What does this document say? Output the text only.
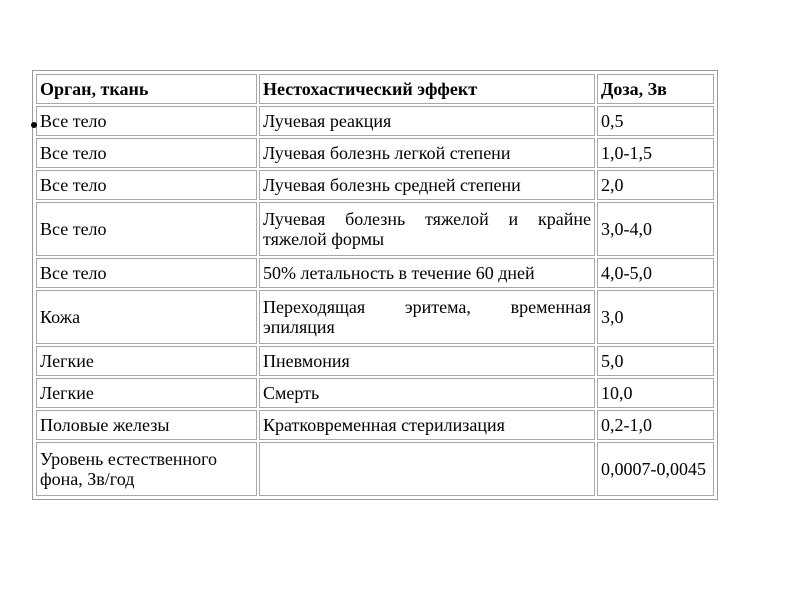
Орган, ткань	Нестохастический эффект	Доза, Зв
Все тело	Лучевая реакция	0,5
Все тело	Лучевая болезнь легкой степени	1,0-1,5
Все тело	Лучевая болезнь средней степени	2,0
Все тело	Лучевая болезнь тяжелой и крайне тяжелой формы	3,0-4,0
Все тело	50% летальность в течение 60 дней	4,0-5,0
Кожа	Переходящая эритема, временная эпиляция	3,0
Легкие	Пневмония	5,0
Легкие	Смерть	10,0
Половые железы	Кратковременная стерилизация	0,2-1,0
Уровень естественного фона, Зв/год		0,0007-0,0045
